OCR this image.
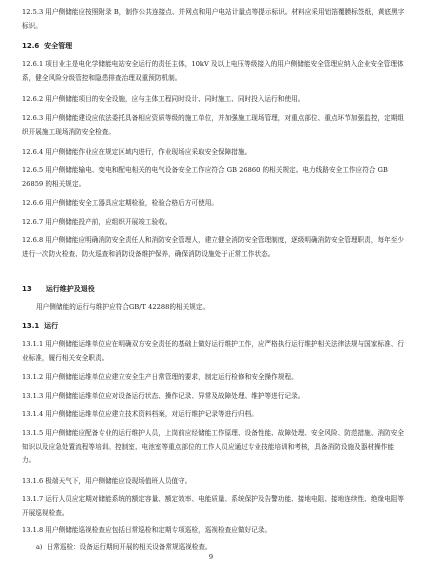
12.5.3 用户侧储能应按照附录 B，制作公共连接点、并网点和用户电站计量点等提示标识。材料应采用铝箔覆膜标签纸，黄底黑字标识。
12.6 安全管理
12.6.1 项目业主是电化学储能电站安全运行的责任主体，10kV 及以上电压等级接入的用户侧储能安全管理应纳入企业安全管理体系，健全风险分级管控和隐患排查治理双重预防机制。
12.6.2 用户侧储能项目的安全设施，应与主体工程同时设计、同时施工、同时投入运行和使用。
12.6.3 用户侧储能建设应依法委托具备相应资质等级的施工单位，并加强施工现场管理，对重点部位、重点环节加强监控，定期组织开展施工现场消防安全检查。
12.6.4 用户侧储能作业应在规定区域内进行，作业现场应采取安全保障措施。
12.6.5 用户侧储能输电、变电和配电相关的电气设备安全工作应符合 GB 26860 的相关规定。电力线路安全工作应符合 GB 26859 的相关规定。
12.6.6 用户侧储能安全工器具应定期检验，检验合格后方可使用。
12.6.7 用户侧储能投产前，应组织开展竣工验收。
12.6.8 用户侧储能应明确消防安全责任人和消防安全管理人，建立健全消防安全管理制度，逐级明确消防安全管理职责，每年至少进行一次防火检查、防火巡查和消防设备维护保养，确保消防设施处于正常工作状态。
13 运行维护及退役
用户侧储能的运行与维护应符合GB/T 42288的相关规定。
13.1 运行
13.1.1 用户侧储能运维单位应在明确双方安全责任的基础上做好运行维护工作，应严格执行运行维护相关法律法规与国家标准、行业标准，履行相关安全职责。
13.1.2 用户侧储能运维单位应建立安全生产日常管理的要求，制定运行检修和安全操作规程。
13.1.3 用户侧储能运维单位应对设备运行状态、操作记录、异常及故障处理、维护等进行记录。
13.1.4 用户侧储能运维单位应建立技术资料档案，对运行维护记录等进行归档。
13.1.5 用户侧储能应配备专业的运行维护人员，上岗前应经储能工作原理、设备性能、故障处理、安全风险、防范措施、消防安全知识以及应急处置流程等培训。控制室、电池室等重点部位的工作人员应通过专业技能培训和考核，具备消防设施及器材操作能力。
13.1.6 极端天气下，用户侧储能应设现场值班人员值守。
13.1.7 运行人员应定期对储能系统的额定容量、额定效率、电能质量、系统保护及告警功能、接地电阻、接地连续性、绝缘电阻等开展巡视检查。
13.1.8 用户侧储能巡视检查应包括日常巡检和定期专项巡检，巡视检查应做好记录。
a) 日常巡检：设备运行期间开展的相关设备常规巡视检查。
9
